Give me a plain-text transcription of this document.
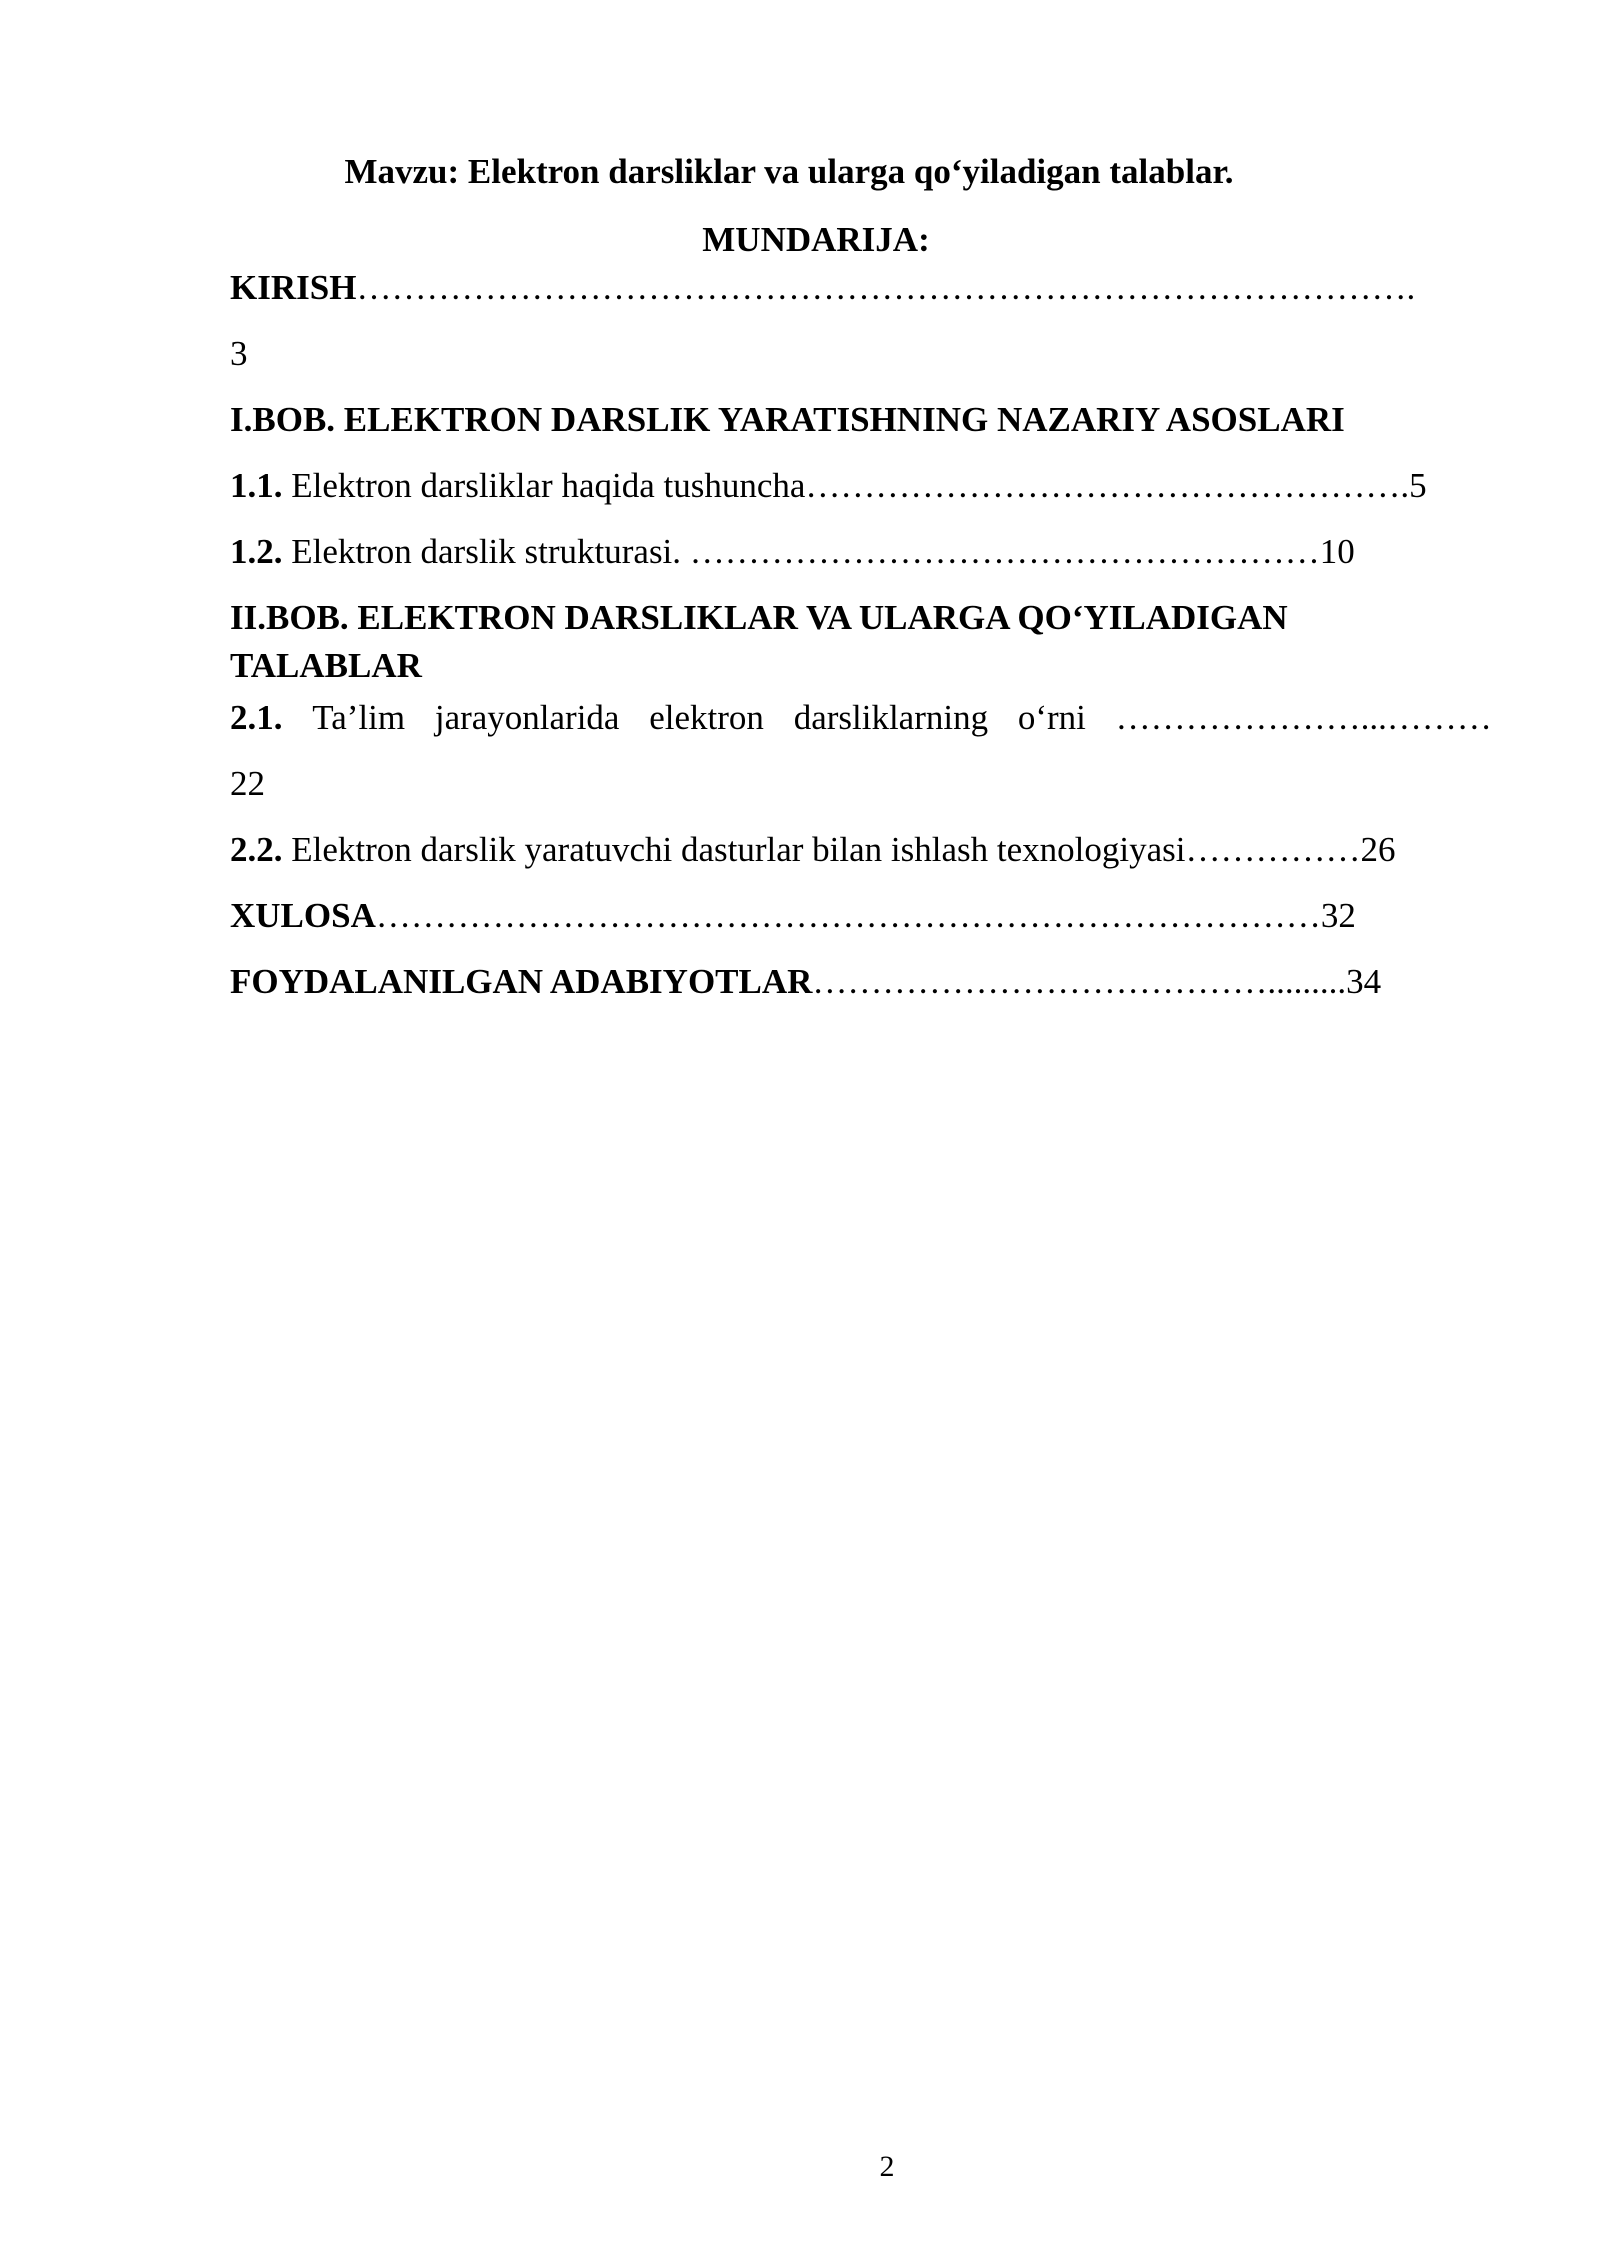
Mavzu: Elektron darsliklar va ularga qo‘yiladigan talablar.
MUNDARIJA:
KIRISH……………………………………………………………………………….
3
I.BOB. ELEKTRON DARSLIK YARATISHNING NAZARIY ASOSLARI
1.1. Elektron darsliklar haqida tushuncha…………………………………………….5
1.2. Elektron darslik strukturasi. ………………………………………………10
II.BOB. ELEKTRON DARSLIKLAR VA ULARGA QO‘YILADIGAN
TALABLAR
2.1. Ta’lim jarayonlarida elektron darsliklarning o‘rni …………………...………
22
2.2. Elektron darslik yaratuvchi dasturlar bilan ishlash texnologiyasi……………26
XULOSA………………………………………………………………………32
FOYDALANILGAN ADABIYOTLAR………………………………….........34
2
